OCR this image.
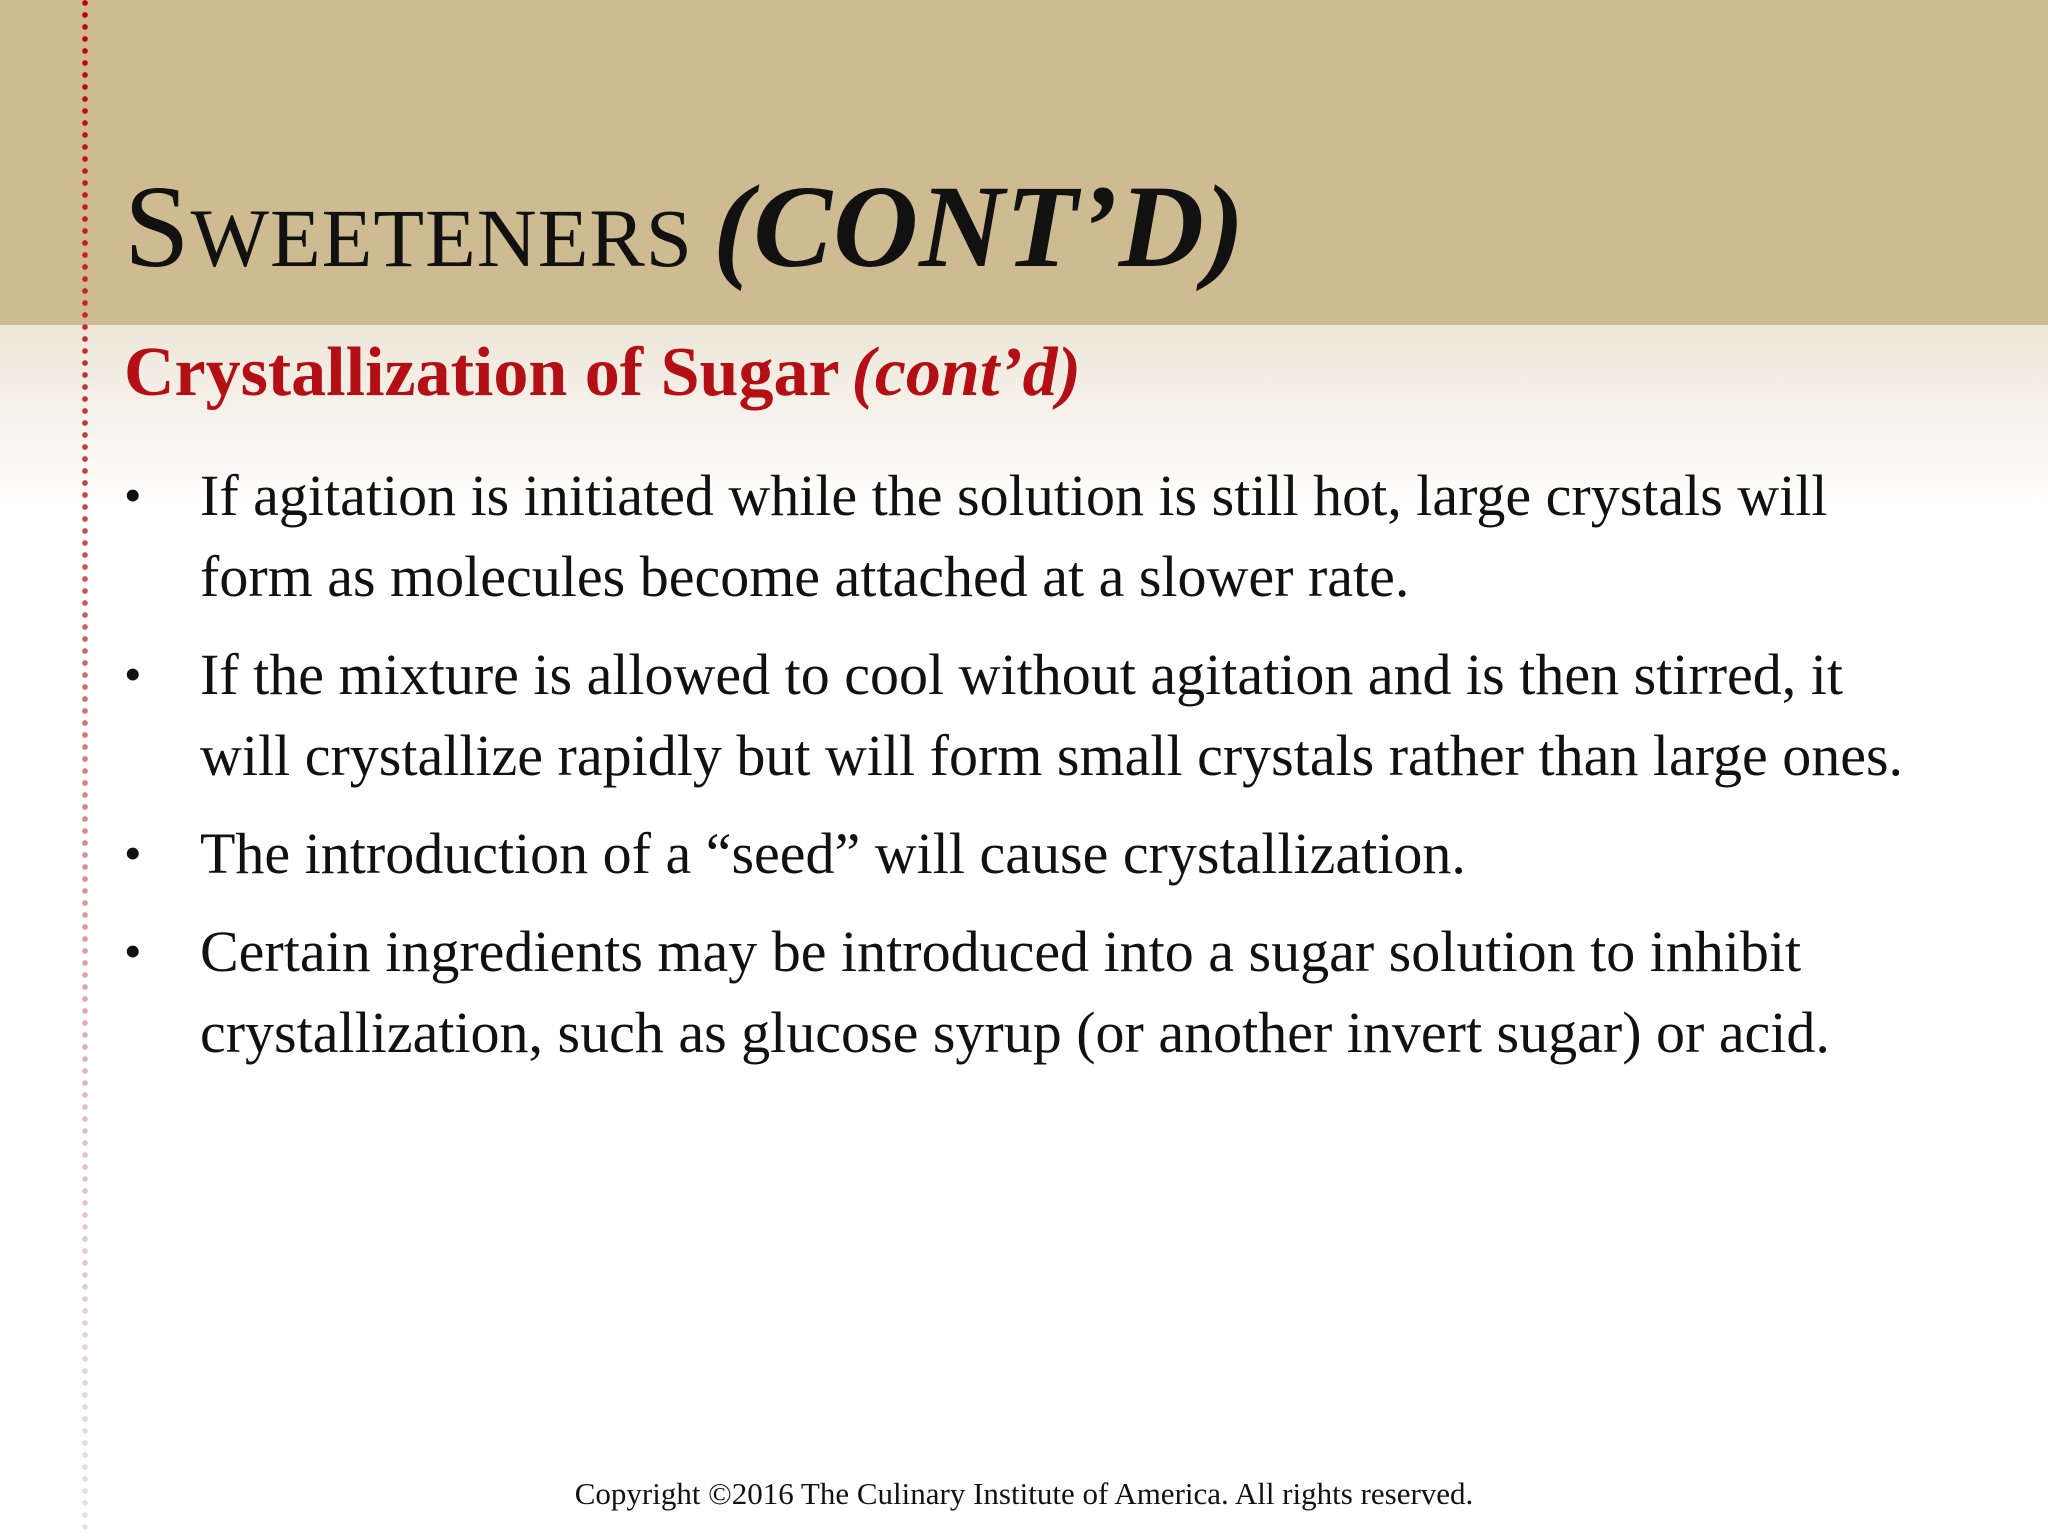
Sweeteners (CONT’D)
Crystallization of Sugar (cont’d)
•	If agitation is initiated while the solution is still hot, large crystals will form as molecules become attached at a slower rate.
•	If the mixture is allowed to cool without agitation and is then stirred, it will crystallize rapidly but will form small crystals rather than large ones.
•	The introduction of a “seed” will cause crystallization.
•	Certain ingredients may be introduced into a sugar solution to inhibit crystallization, such as glucose syrup (or another invert sugar) or acid.
Copyright ©2016 The Culinary Institute of America. All rights reserved.
